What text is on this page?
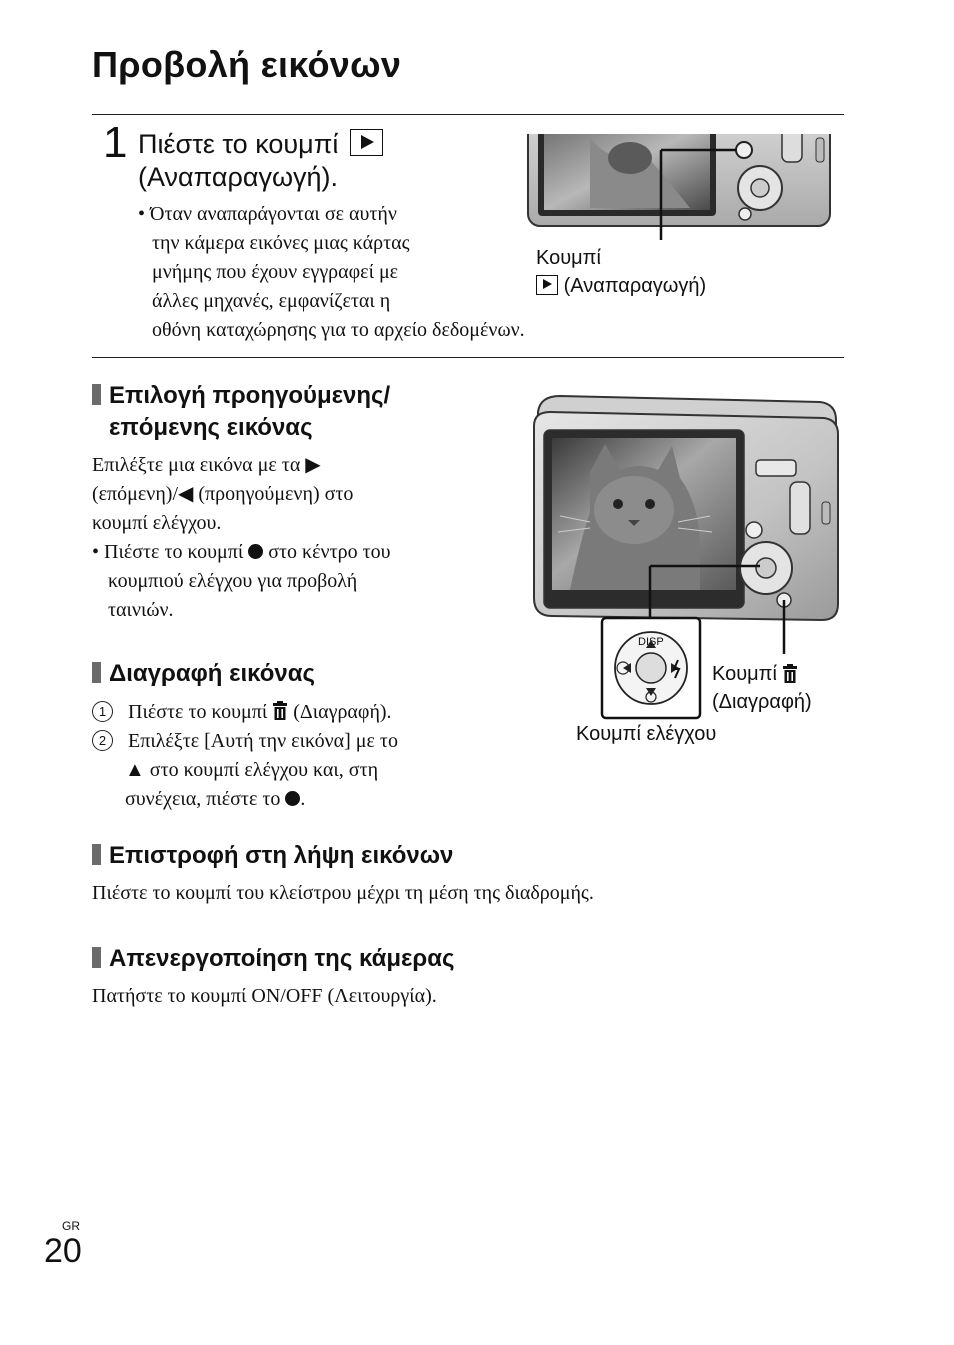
Προβολή εικόνων
1 Πιέστε το κουμπί
(Αναπαραγωγή).
• Όταν αναπαράγονται σε αυτήν
την κάμερα εικόνες μιας κάρτας
μνήμης που έχουν εγγραφεί με
άλλες μηχανές, εμφανίζεται η
οθόνη καταχώρησης για το αρχείο δεδομένων.
Κουμπί
(Αναπαραγωγή)
Επιλογή προηγούμενης/
επόμενης εικόνας
Επιλέξτε μια εικόνα με τα ▶
(επόμενη)/◀ (προηγούμενη) στο
κουμπί ελέγχου.
• Πιέστε το κουμπί στο κέντρο του
κουμπιού ελέγχου για προβολή
ταινιών.
Διαγραφή εικόνας
1 Πιέστε το κουμπί (Διαγραφή).
2 Επιλέξτε [Αυτή την εικόνα] με το
▲ στο κουμπί ελέγχου και, στη
συνέχεια, πιέστε το .
DISP
Κουμπί
(Διαγραφή)
Κουμπί ελέγχου
Επιστροφή στη λήψη εικόνων
Πιέστε το κουμπί του κλείστρου μέχρι τη μέση της διαδρομής.
Απενεργοποίηση της κάμερας
Πατήστε το κουμπί ON/OFF (Λειτουργία).
GR
20
